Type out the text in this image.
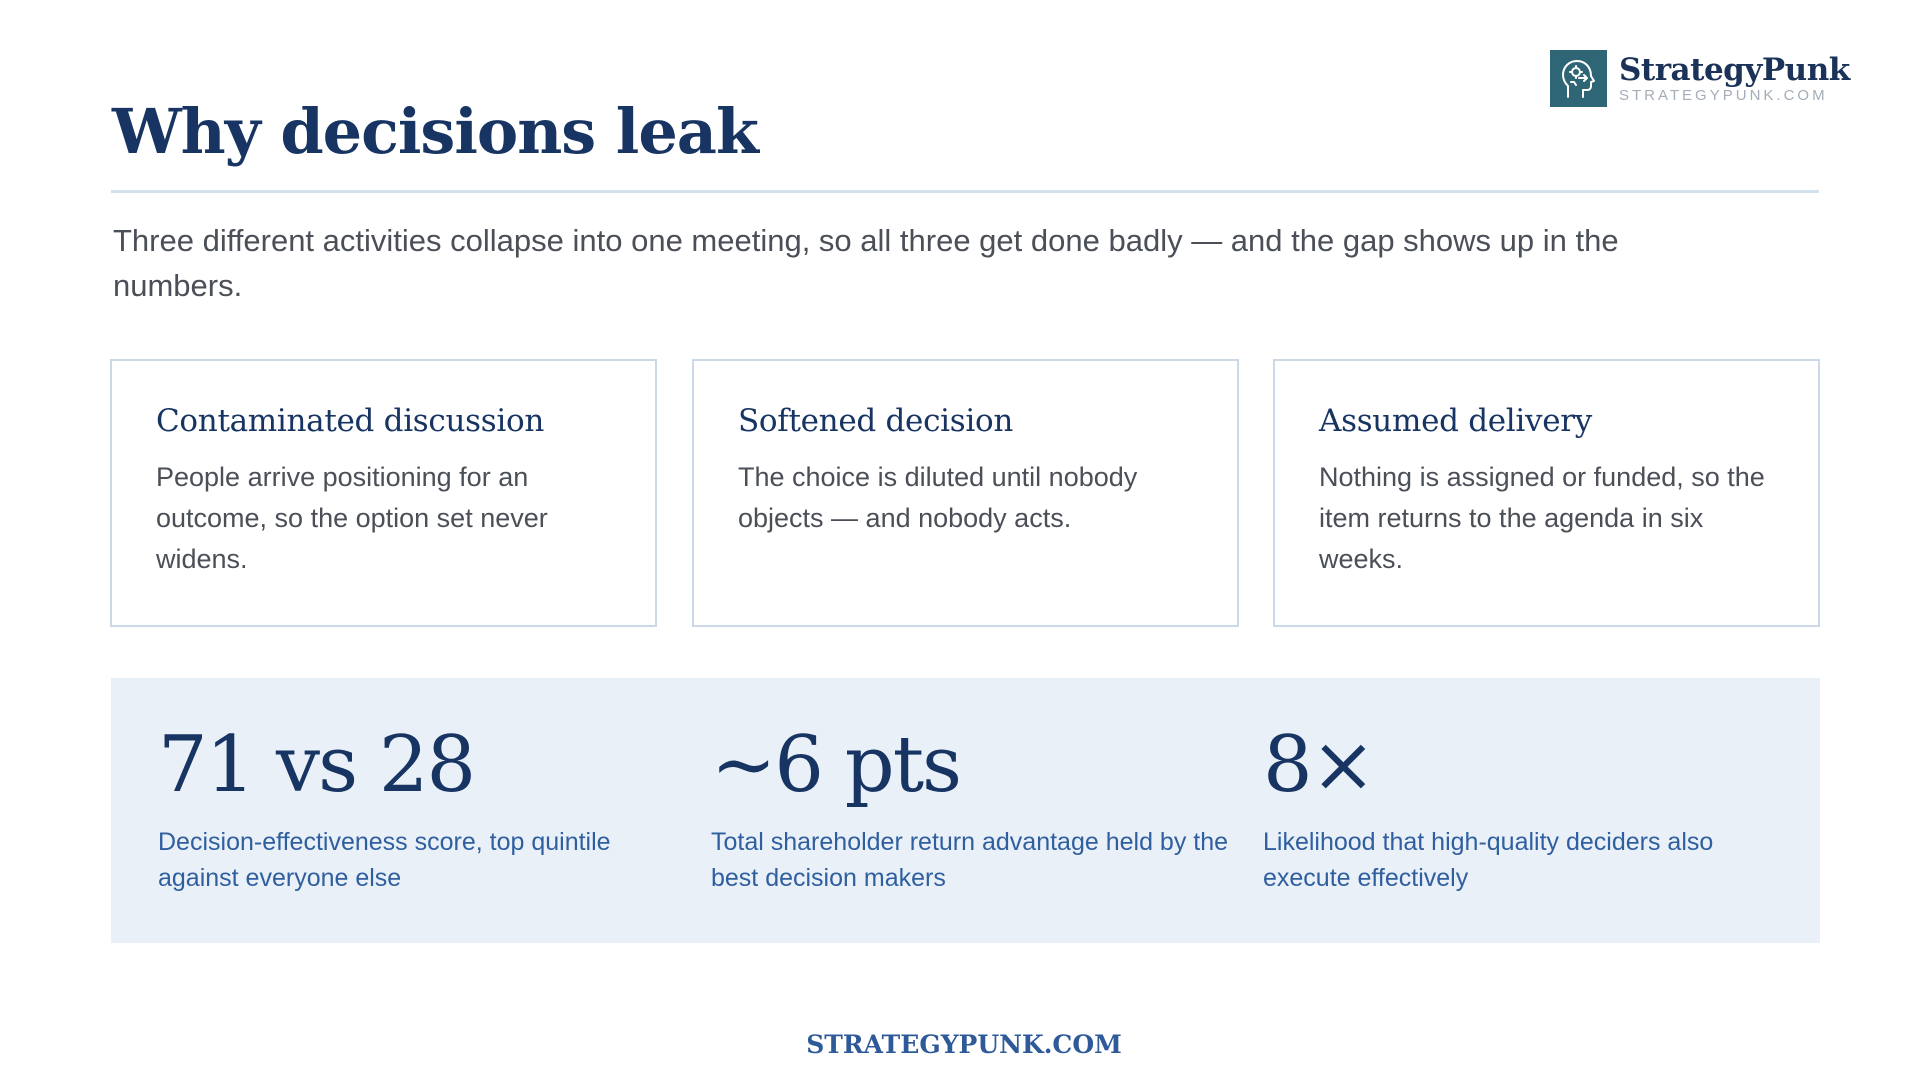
StrategyPunk
STRATEGYPUNK.COM
Why decisions leak

Three different activities collapse into one meeting, so all three get done badly — and the gap shows up in the numbers.

Contaminated discussion
People arrive positioning for an outcome, so the option set never widens.
Softened decision
The choice is diluted until nobody objects — and nobody acts.
Assumed delivery
Nothing is assigned or funded, so the item returns to the agenda in six weeks.
71 vs 28
Decision-effectiveness score, top quintile against everyone else
~6 pts
Total shareholder return advantage held by the best decision makers
8×
Likelihood that high-quality deciders also execute effectively
STRATEGYPUNK.COM
